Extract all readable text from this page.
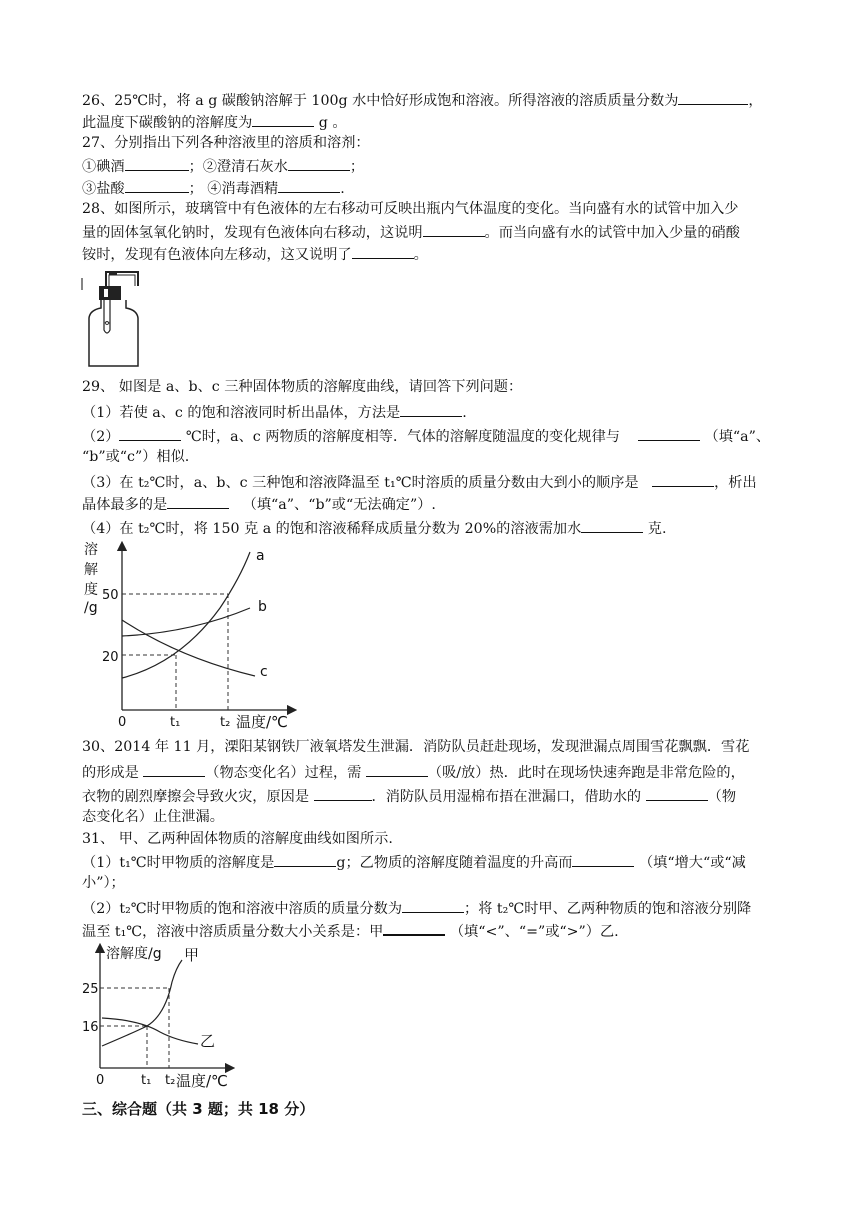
26、25℃时，将 a g 碳酸钠溶解于 100g 水中恰好形成饱和溶液。所得溶液的溶质质量分数为	，
此温度下碳酸钠的溶解度为	g 。
27、分别指出下列各种溶液里的溶质和溶剂：
①碘酒	；②澄清石灰水	；
③盐酸	； ④消毒酒精	.
28、如图所示，玻璃管中有色液体的左右移动可反映出瓶内气体温度的变化。当向盛有水的试管中加入少
量的固体氢氧化钠时，发现有色液体向右移动，这说明	。而当向盛有水的试管中加入少量的硝酸
铵时，发现有色液体向左移动，这又说明了	。
29、 如图是 a、b、c 三种固体物质的溶解度曲线，请回答下列问题：
（1）若使 a、c 的饱和溶液同时析出晶体，方法是	.
（2）	℃时，a、c 两物质的溶解度相等．气体的溶解度随温度的变化规律与	（填“a”、
“b”或“c”）相似.
（3）在 t₂℃时，a、b、c 三种饱和溶液降温至 t₁℃时溶质的质量分数由大到小的顺序是	，析出
晶体最多的是	（填“a”、“b”或“无法确定”）.
（4）在 t₂℃时，将 150 克 a 的饱和溶液稀释成质量分数为 20%的溶液需加水	克.
溶
解
度
/g
50
20
a
b
c
0	t₁	t₂ 温度/℃
30、2014 年 11 月，溧阳某钢铁厂液氧塔发生泄漏．消防队员赶赴现场，发现泄漏点周围雪花飘飘．雪花
的形成是	（物态变化名）过程，需	（吸/放）热．此时在现场快速奔跑是非常危险的，
衣物的剧烈摩擦会导致火灾，原因是	．消防队员用湿棉布捂在泄漏口，借助水的	（物
态变化名）止住泄漏。
31、 甲、乙两种固体物质的溶解度曲线如图所示.
（1）t₁℃时甲物质的溶解度是	g；乙物质的溶解度随着温度的升高而	（填“增大“或“减
小”）；
（2）t₂℃时甲物质的饱和溶液中溶质的质量分数为	；将 t₂℃时甲、乙两种物质的饱和溶液分别降
温至 t₁℃，溶液中溶质质量分数大小关系是：甲	（填“<”、“=”或“>”）乙.
溶解度/g
25
16
甲
乙
0	t₁ t₂ 温度/℃
三、综合题（共 3 题；共 18 分）
